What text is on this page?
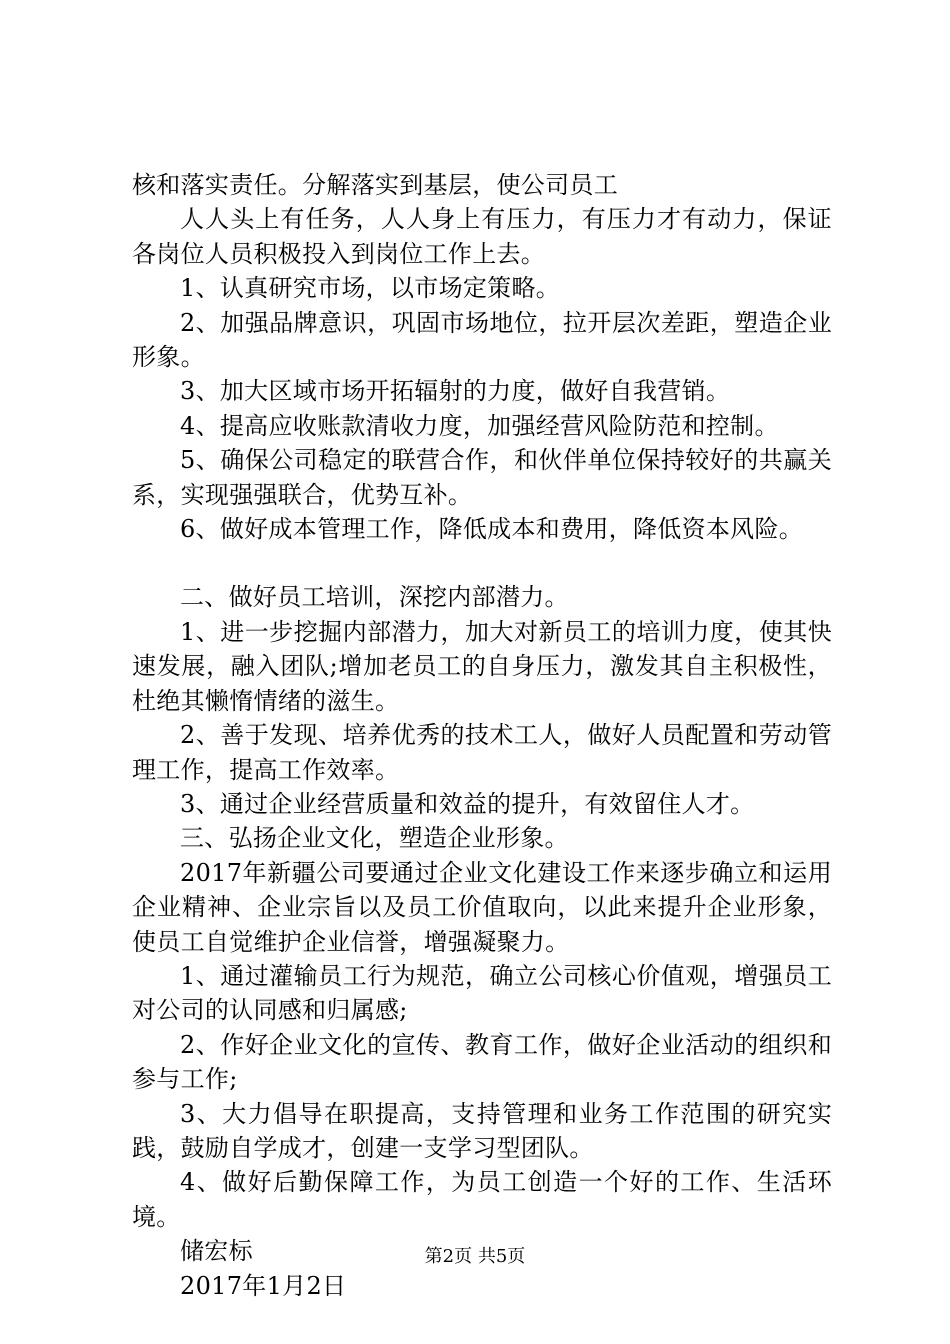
核和落实责任。分解落实到基层，使公司员工

人人头上有任务，人人身上有压力，有压力才有动力，保证各岗位人员积极投入到岗位工作上去。

1、认真研究市场，以市场定策略。

2、加强品牌意识，巩固市场地位，拉开层次差距，塑造企业形象。

3、加大区域市场开拓辐射的力度，做好自我营销。

4、提高应收账款清收力度，加强经营风险防范和控制。

5、确保公司稳定的联营合作，和伙伴单位保持较好的共赢关系，实现强强联合，优势互补。

6、做好成本管理工作，降低成本和费用，降低资本风险。

二、做好员工培训，深挖内部潜力。

1、进一步挖掘内部潜力，加大对新员工的培训力度，使其快速发展，融入团队;增加老员工的自身压力，激发其自主积极性，杜绝其懒惰情绪的滋生。

2、善于发现、培养优秀的技术工人，做好人员配置和劳动管理工作，提高工作效率。

3、通过企业经营质量和效益的提升，有效留住人才。

三、弘扬企业文化，塑造企业形象。

2017年新疆公司要通过企业文化建设工作来逐步确立和运用企业精神、企业宗旨以及员工价值取向，以此来提升企业形象，使员工自觉维护企业信誉，增强凝聚力。

1、通过灌输员工行为规范，确立公司核心价值观，增强员工对公司的认同感和归属感;

2、作好企业文化的宣传、教育工作，做好企业活动的组织和参与工作;

3、大力倡导在职提高，支持管理和业务工作范围的研究实践，鼓励自学成才，创建一支学习型团队。

4、做好后勤保障工作，为员工创造一个好的工作、生活环境。

储宏标

2017年1月2日

第2页 共5页
